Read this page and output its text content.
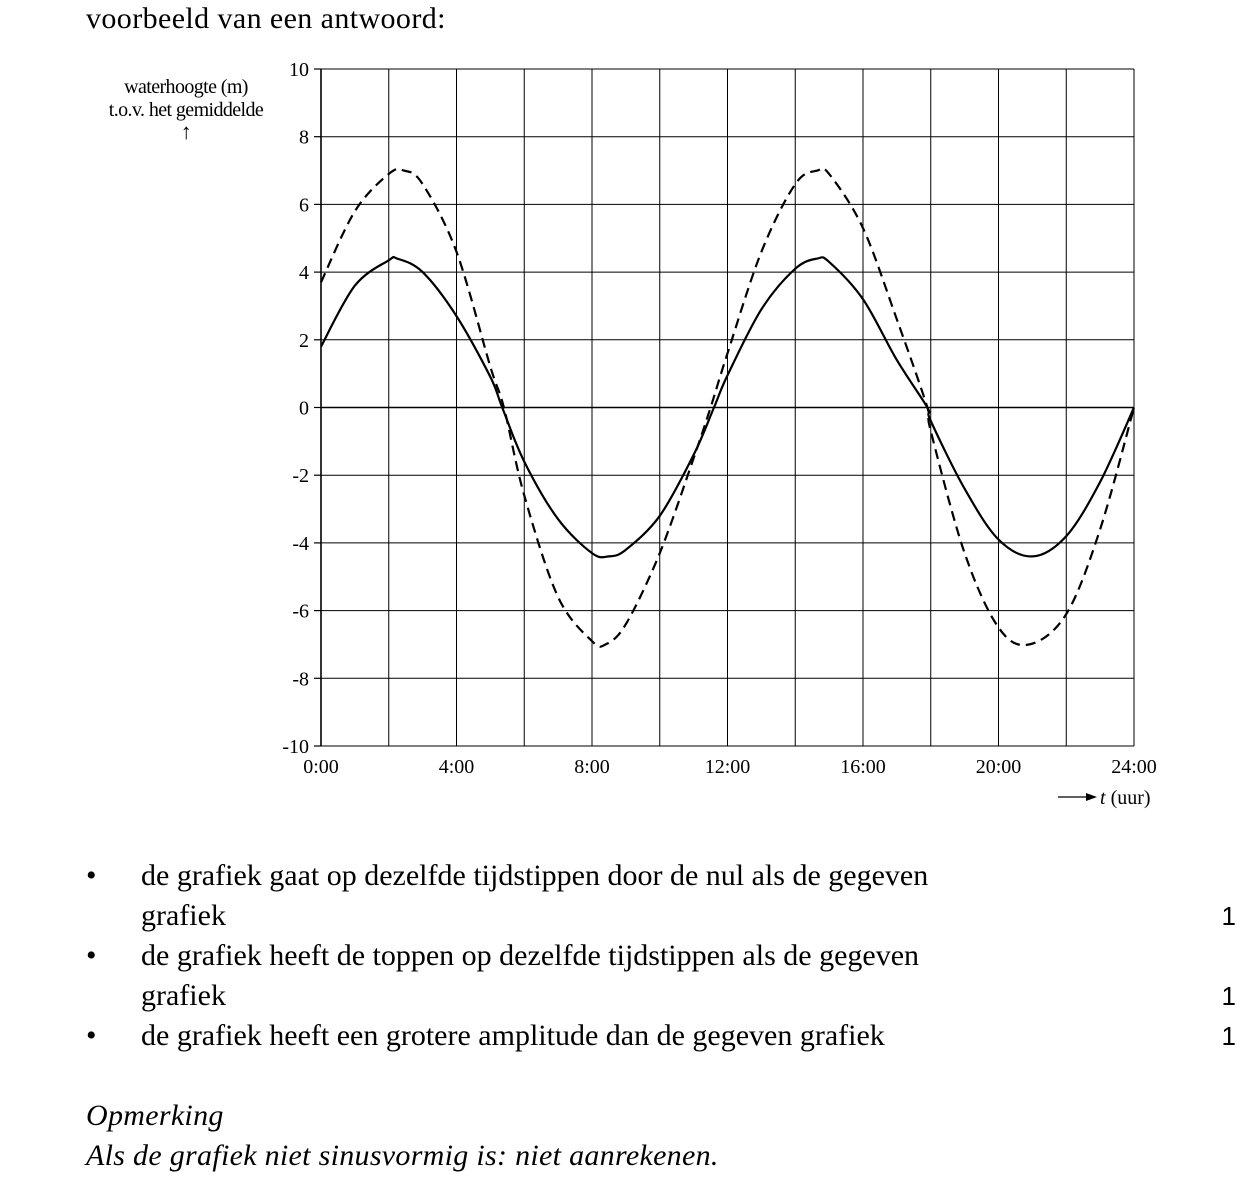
voorbeeld van een antwoord:
waterhoogte (m)
t.o.v. het gemiddelde
↑
-10
-8
-6
-4
-2
0
2
4
6
8
10
0:00	4:00	8:00	12:00	16:00	20:00	24:00
t (uur)
• de grafiek gaat op dezelfde tijdstippen door de nul als de gegeven
grafiek	1
• de grafiek heeft de toppen op dezelfde tijdstippen als de gegeven
grafiek	1
• de grafiek heeft een grotere amplitude dan de gegeven grafiek	1
Opmerking
Als de grafiek niet sinusvormig is: niet aanrekenen.
